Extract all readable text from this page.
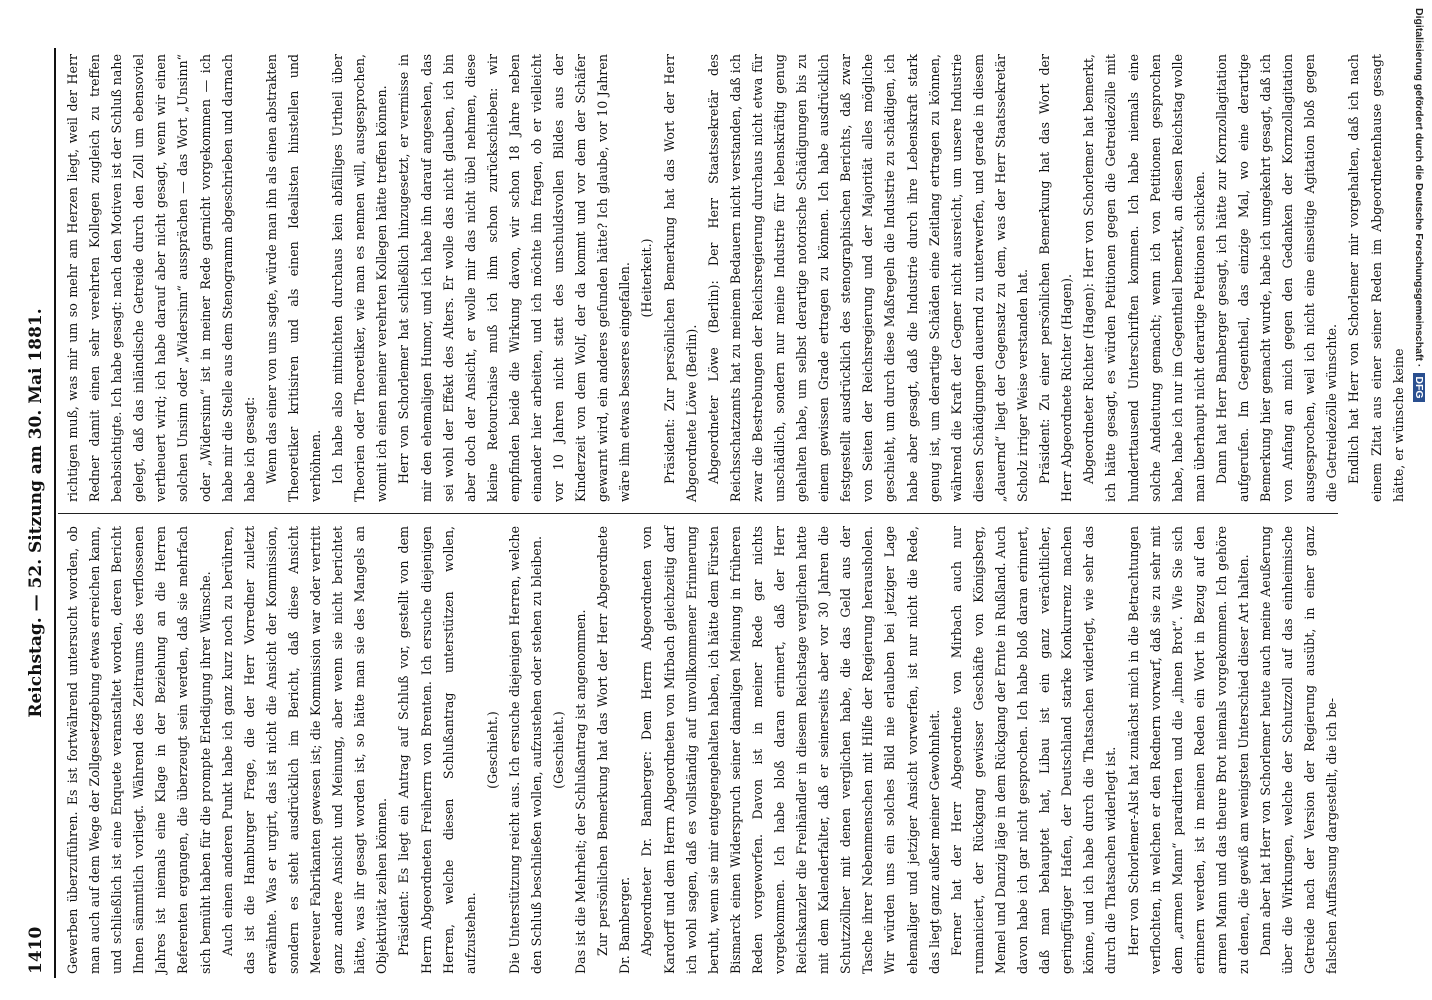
1410
Reichstag. — 52. Sitzung am 30. Mai 1881.

Gewerben überzuführen. Es ist fortwährend untersucht worden, ob man auch auf dem Wege der Zollgesetzgebung etwas erreichen kann, und schließlich ist eine Enquete veranstaltet worden, deren Bericht Ihnen sämmtlich vorliegt. Während des Zeitraums des verflossenen Jahres ist niemals eine Klage in der Beziehung an die Herren Referenten ergangen, die überzeugt sein werden, daß sie mehrfach sich bemüht haben für die prompte Erledigung ihrer Wünsche. Auch einen anderen Punkt habe ich ganz kurz noch zu berühren, das ist die Hamburger Frage, die der Herr Vorredner zuletzt erwähnte. Was er urgirt, das ist nicht die Ansicht der Kommission, sondern es steht ausdrücklich im Bericht, daß diese Ansicht Meereuer Fabrikanten gewesen ist; die Kommission war oder vertritt ganz andere Ansicht und Meinung, aber wenn sie nicht berichtet hätte, was ihr gesagt worden ist, so hätte man sie des Mangels an Objektivität zeihen können. Präsident: Es liegt ein Antrag auf Schluß vor, gestellt von dem Herrn Abgeordneten Freiherrn von Brenten. Ich ersuche diejenigen Herren, welche diesen Schlußantrag unterstützen wollen, aufzustehen.

(Geschieht.) Die Unterstützung reicht aus. Ich ersuche diejenigen Herren, welche den Schluß beschließen wollen, aufzustehen oder stehen zu bleiben. (Geschieht.) Das ist die Mehrheit; der Schlußantrag ist angenommen. Zur persönlichen Bemerkung hat das Wort der Herr Abgeordnete Dr. Bamberger. Abgeordneter Dr. Bamberger: Dem Herrn Abgeordneten von Kardorff und dem Herrn Abgeordneten von Mirbach gleichzeitig darf ich wohl sagen, daß es vollständig auf unvollkommener Erinnerung beruht, wenn sie mir entgegengehalten haben, ich hätte dem Fürsten Bismarck einen Widerspruch seiner damaligen Meinung in früheren Reden vorgeworfen. Davon ist in meiner Rede gar nichts vorgekommen. Ich habe bloß daran erinnert, daß der Herr Reichskanzler die Freihändler in diesem Reichstage verglichen hatte mit dem Kalenderfalter, daß er seinerseits aber vor 30 Jahren die Schutzzöllner mit denen verglichen habe, die das Geld aus der Tasche ihrer Nebenmenschen mit Hilfe der Regierung herausholen. Wir würden uns ein solches Bild nie erlauben bei jetziger Lage ehemaliger und jetziger Ansicht vorwerfen, ist nur nicht die Rede, das liegt ganz außer meiner Gewohnheit. Ferner hat der Herr Abgeordnete von Mirbach auch nur rumaniciert, der Rückgang gewisser Geschäfte von Königsberg, Memel und Danzig läge in dem Rückgang der Ernte in Rußland. Auch davon habe ich gar nicht gesprochen. Ich habe bloß daran erinnert, daß man behauptet hat, Libau ist ein ganz verächtlicher, geringfügiger Hafen, der Deutschland starke Konkurrenz machen könne, und ich habe durch die Thatsachen widerlegt, wie sehr das durch die Thatsachen widerlegt ist. Herr von Schorlemer-Alst hat zunächst mich in die Betrachtungen verflochten, in welchen er den Rednern vorwarf, daß sie zu sehr mit dem „armen Mann“ paradirten und die „ihnen Brot“. Wie Sie sich erinnern werden, ist in meinen Reden ein Wort in Bezug auf den armen Mann und das theure Brot niemals vorgekommen. Ich gehöre zu denen, die gewiß am wenigsten Unterschied dieser Art halten. Dann aber hat Herr von Schorlemer heute auch meine Aeußerung über die Wirkungen, welche der Schutzzoll auf das einheimische Getreide nach der Version der Regierung ausübt, in einer ganz falschen Auffassung dargestellt, die ich be-

richtigen muß, was mir um so mehr am Herzen liegt, weil der Herr Redner damit einen sehr verehrten Kollegen zugleich zu treffen beabsichtigte. Ich habe gesagt: nach den Motiven ist der Schluß nahe gelegt, daß das inländische Getreide durch den Zoll um ebensoviel vertheuert wird; ich habe darauf aber nicht gesagt, wenn wir einen solchen Unsinn oder „Widersinn“ aussprächen — das Wort „Unsinn“ oder „Widersinn“ ist in meiner Rede garnicht vorgekommen — ich habe mir die Stelle aus dem Stenogramm abgeschrieben und darnach habe ich gesagt: Wenn das einer von uns sagte, würde man ihn als einen abstrakten Theoretiker kritisiren und als einen Idealisten hinstellen und verhöhnen. Ich habe also mitnichten durchaus kein abfälliges Urtheil über Theorien oder Theoretiker, wie man es nennen will, ausgesprochen, womit ich einen meiner verehrten Kollegen hätte treffen können. Herr von Schorlemer hat schließlich hinzugesetzt, er vermisse in mir den ehemaligen Humor, und ich habe ihn darauf angesehen, das sei wohl der Effekt des Alters. Er wolle das nicht glauben, ich bin aber doch der Ansicht, er wolle mir das nicht übel nehmen, diese kleine Retourchaise muß ich ihm schon zurückschieben: wir empfinden beide die Wirkung davon, wir schon 18 Jahre neben einander hier arbeiten, und ich möchte ihn fragen, ob er vielleicht vor 10 Jahren nicht statt des unschuldsvollen Bildes aus der Kinderzeit von dem Wolf, der da kommt und vor dem der Schäfer gewarnt wird, ein anderes gefunden hätte? Ich glaube, vor 10 Jahren wäre ihm etwas besseres eingefallen. (Heiterkeit.) Präsident: Zur persönlichen Bemerkung hat das Wort der Herr Abgeordnete Löwe (Berlin). Abgeordneter Löwe (Berlin): Der Herr Staatssekretär des Reichsschatzamts hat zu meinem Bedauern nicht verstanden, daß ich zwar die Bestrebungen der Reichsregierung durchaus nicht etwa für unschädlich, sondern nur meine Industrie für lebenskräftig genug gehalten habe, um selbst derartige notorische Schädigungen bis zu einem gewissen Grade ertragen zu können. Ich habe ausdrücklich festgestellt ausdrücklich des stenographischen Berichts, daß zwar von Seiten der Reichsregierung und der Majorität alles mögliche geschieht, um durch diese Maßregeln die Industrie zu schädigen, ich habe aber gesagt, daß die Industrie durch ihre Lebenskraft stark genug ist, um derartige Schäden eine Zeitlang ertragen zu können, während die Kraft der Gegner nicht ausreicht, um unsere Industrie diesen Schädigungen dauernd zu unterwerfen, und gerade in diesem „dauernd“ liegt der Gegensatz zu dem, was der Herr Staatssekretär Scholz irriger Weise verstanden hat. Präsident: Zu einer persönlichen Bemerkung hat das Wort der Herr Abgeordnete Richter (Hagen). Abgeordneter Richter (Hagen): Herr von Schorlemer hat bemerkt, ich hätte gesagt, es würden Petitionen gegen die Getreidezölle mit hunderttausend Unterschriften kommen. Ich habe niemals eine solche Andeutung gemacht; wenn ich von Petitionen gesprochen habe, habe ich nur im Gegentheil bemerkt, an diesen Reichstag wolle man überhaupt nicht derartige Petitionen schicken. Dann hat Herr Bamberger gesagt, ich hätte zur Kornzollagitation aufgerufen. Im Gegentheil, das einzige Mal, wo eine derartige Bemerkung hier gemacht wurde, habe ich umgekehrt gesagt, daß ich von Anfang an mich gegen den Gedanken der Kornzollagitation ausgesprochen, weil ich nicht eine einseitige Agitation bloß gegen die Getreidezölle wünschte. Endlich hat Herr von Schorlemer mir vorgehalten, daß ich nach einem Zitat aus einer seiner Reden im Abgeordnetenhause gesagt hätte, er wünsche keine

Digitalisierung gefördert durch die Deutsche Forschungsgemeinschaft ·DFG
